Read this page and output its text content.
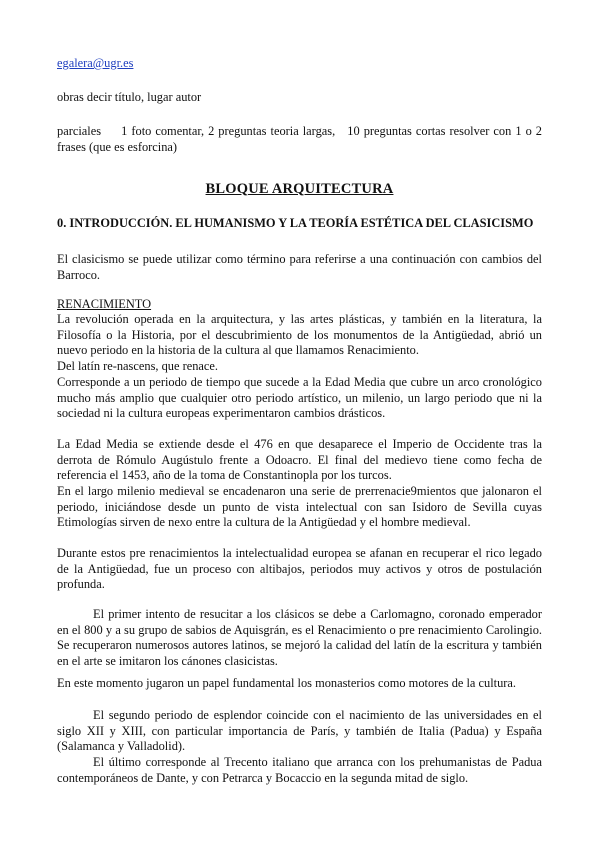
egalera@ugr.es

obras decir título, lugar autor

parciales     1 foto comentar, 2 preguntas teoria largas,   10 preguntas cortas resolver con 1 o 2 frases (que es esforcina)

BLOQUE ARQUITECTURA

0. INTRODUCCIÓN. EL HUMANISMO Y LA TEORÍA ESTÉTICA DEL CLASICISMO

El clasicismo se puede utilizar como término para referirse a una continuación con cambios del Barroco.

RENACIMIENTO

La revolución operada en la arquitectura, y las artes plásticas, y también en la literatura, la Filosofía o la Historia, por el descubrimiento de los monumentos de la Antigüedad, abrió un nuevo periodo en la historia de la cultura al que llamamos Renacimiento.

Del latín re-nascens, que renace.

Corresponde a un periodo de tiempo que sucede a la Edad Media que cubre un arco cronológico mucho más amplio que cualquier otro periodo artístico, un milenio, un largo periodo que ni la sociedad ni la cultura europeas experimentaron cambios drásticos.

La Edad Media se extiende desde el 476 en que desaparece el Imperio de Occidente tras la derrota de Rómulo Augústulo frente a Odoacro. El final del medievo tiene como fecha de referencia el 1453, año de la toma de Constantinopla por los turcos.

En el largo milenio medieval se encadenaron una serie de prerrenacie9mientos que jalonaron el periodo, iniciándose desde un punto de vista intelectual con san Isidoro de Sevilla cuyas Etimologías sirven de nexo entre la cultura de la Antigüedad y el hombre medieval.

Durante estos pre renacimientos la intelectualidad europea se afanan en recuperar el rico legado de la Antigüedad, fue un proceso con altibajos, periodos muy activos y otros de postulación profunda.

El primer intento de resucitar a los clásicos se debe a Carlomagno, coronado emperador en el 800 y a su grupo de sabios de Aquisgrán, es el Renacimiento o pre renacimiento Carolingio. Se recuperaron numerosos autores latinos, se mejoró la calidad del latín de la escritura y también en el arte se imitaron los cánones clasicistas.

En este momento jugaron un papel fundamental los monasterios como motores de la cultura.

El segundo periodo de esplendor coincide con el nacimiento de las universidades en el siglo XII y XIII, con particular importancia de París, y también de Italia (Padua) y España (Salamanca y Valladolid).

El último corresponde al Trecento italiano que arranca con los prehumanistas de Padua contemporáneos de Dante, y con Petrarca y Bocaccio en la segunda mitad de siglo.
